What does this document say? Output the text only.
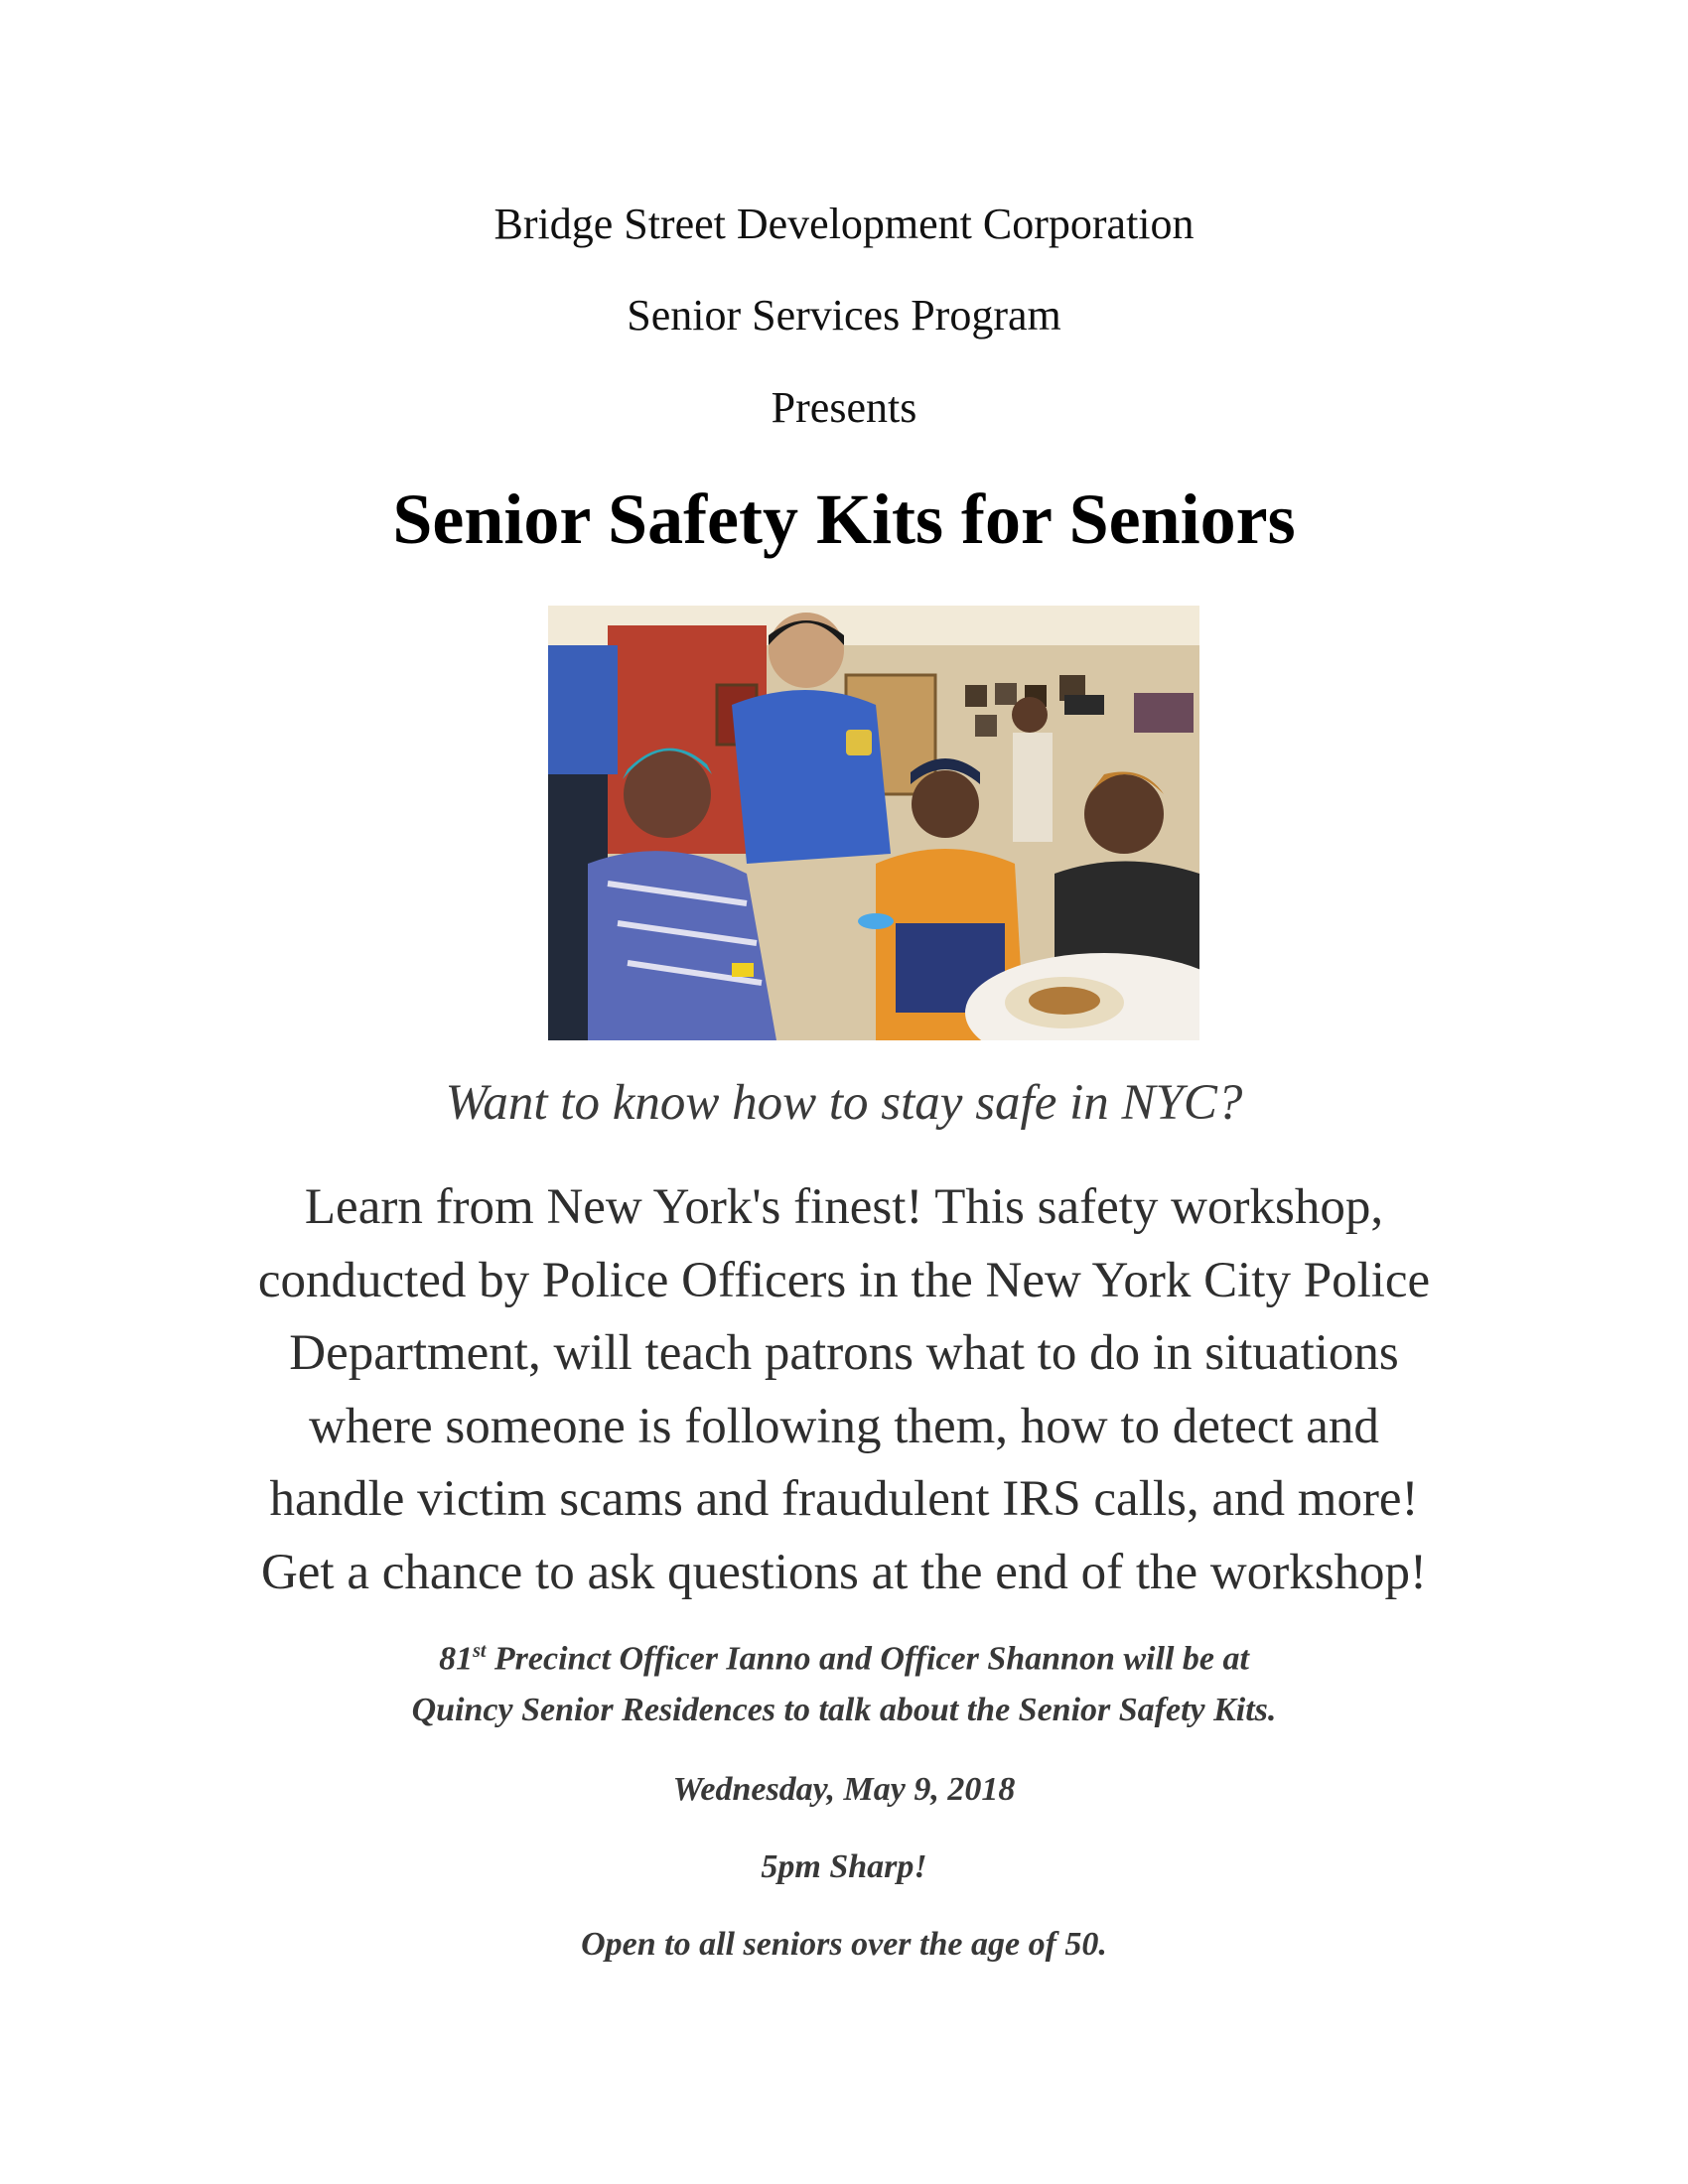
Bridge Street Development Corporation
Senior Services Program
Presents
Senior Safety Kits for Seniors
Want to know how to stay safe in NYC?
Learn from New York's finest! This safety workshop,
conducted by Police Officers in the New York City Police
Department, will teach patrons what to do in situations
where someone is following them, how to detect and
handle victim scams and fraudulent IRS calls, and more!
Get a chance to ask questions at the end of the workshop!
81st Precinct Officer Ianno and Officer Shannon will be at
Quincy Senior Residences to talk about the Senior Safety Kits.
Wednesday, May 9, 2018
5pm Sharp!
Open to all seniors over the age of 50.
